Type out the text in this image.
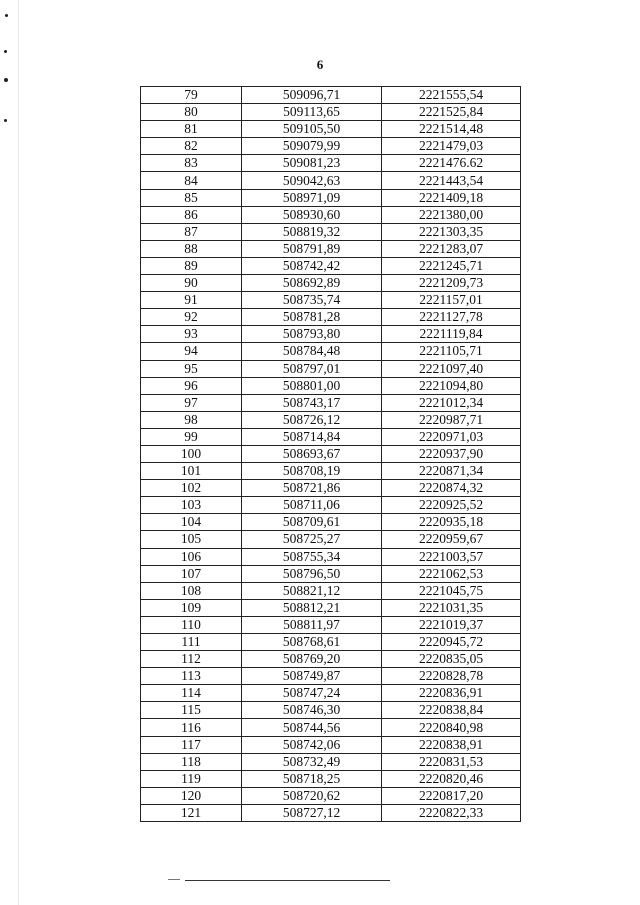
6
79	509096,71	2221555,54
80	509113,65	2221525,84
81	509105,50	2221514,48
82	509079,99	2221479,03
83	509081,23	2221476.62
84	509042,63	2221443,54
85	508971,09	2221409,18
86	508930,60	2221380,00
87	508819,32	2221303,35
88	508791,89	2221283,07
89	508742,42	2221245,71
90	508692,89	2221209,73
91	508735,74	2221157,01
92	508781,28	2221127,78
93	508793,80	2221119,84
94	508784,48	2221105,71
95	508797,01	2221097,40
96	508801,00	2221094,80
97	508743,17	2221012,34
98	508726,12	2220987,71
99	508714,84	2220971,03
100	508693,67	2220937,90
101	508708,19	2220871,34
102	508721,86	2220874,32
103	508711,06	2220925,52
104	508709,61	2220935,18
105	508725,27	2220959,67
106	508755,34	2221003,57
107	508796,50	2221062,53
108	508821,12	2221045,75
109	508812,21	2221031,35
110	508811,97	2221019,37
111	508768,61	2220945,72
112	508769,20	2220835,05
113	508749,87	2220828,78
114	508747,24	2220836,91
115	508746,30	2220838,84
116	508744,56	2220840,98
117	508742,06	2220838,91
118	508732,49	2220831,53
119	508718,25	2220820,46
120	508720,62	2220817,20
121	508727,12	2220822,33
